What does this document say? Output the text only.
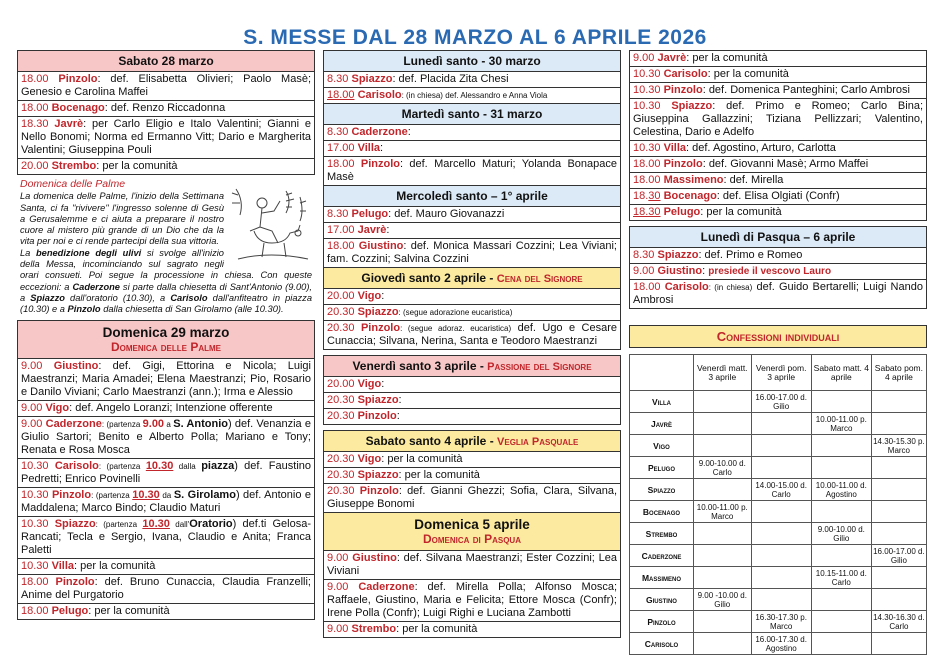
S. MESSE DAL 28 MARZO AL 6 APRILE 2026
Sabato 28 marzo
18.00 Pinzolo: def. Elisabetta Olivieri; Paolo Masè; Genesio e Carolina Maffei
18.00 Bocenago: def. Renzo Riccadonna
18.30 Javrè: per Carlo Eligio e Italo Valentini; Gianni e Nello Bonomi; Norma ed Ermanno Vitt; Dario e Margherita Valentini; Giuseppina Pouli
20.00 Strembo: per la comunità
Domenica delle Palme
La domenica delle Palme, l'inizio della Settimana Santa, ci fa "rivivere" l'ingresso solenne di Gesù a Gerusalemme e ci aiuta a preparare il nostro cuore al mistero più grande di un Dio che da la vita per noi e ci rende partecipi della sua vittoria.
La benedizione degli ulivi si svolge all'inizio della Messa, incominciando sul sagrato negli orari consueti. Poi segue la processione in chiesa. Con queste eccezioni: a Caderzone si parte dalla chiesetta di Sant'Antonio (9.00), a Spiazzo dall'oratorio (10.30), a Carisolo dall'anfiteatro in piazza (10.30) e a Pinzolo dalla chiesetta di San Girolamo (alle 10.30).
Domenica 29 marzo
Domenica delle Palme
9.00 Giustino: def. Gigi, Ettorina e Nicola; Luigi Maestranzi; Maria Amadei; Elena Maestranzi; Pio, Rosario e Danilo Viviani; Carlo Maestranzi (ann.); Irma e Alessio
9.00 Vigo: def. Angelo Loranzi; Intenzione offerente
9.00 Caderzone: (partenza 9.00 a S. Antonio) def. Venanzia e Giulio Sartori; Benito e Alberto Polla; Mariano e Tony; Renata e Rosa Mosca
10.30 Carisolo: (partenza 10.30 dalla piazza) def. Faustino Pedretti; Enrico Povinelli
10.30 Pinzolo: (partenza 10.30 da S. Girolamo) def. Antonio e Maddalena; Marco Bindo; Claudio Maturi
10.30 Spiazzo: (partenza 10.30 dall'Oratorio) def.ti Gelosa-Rancati; Tecla e Sergio, Ivana, Claudio e Anita; Franca Paletti
10.30 Villa: per la comunità
18.00 Pinzolo: def. Bruno Cunaccia, Claudia Franzelli; Anime del Purgatorio
18.00 Pelugo: per la comunità
Lunedì santo - 30 marzo
8.30 Spiazzo: def. Placida Zita Chesi
18.00 Carisolo: (in chiesa) def. Alessandro e Anna Viola
Martedì santo - 31 marzo
8.30 Caderzone:
17.00 Villa:
18.00 Pinzolo: def. Marcello Maturi; Yolanda Bonapace Masè
Mercoledì santo – 1° aprile
8.30 Pelugo: def. Mauro Giovanazzi
17.00 Javrè:
18.00 Giustino: def. Monica Massari Cozzini; Lea Viviani; fam. Cozzini; Salvina Cozzini
Giovedì santo 2 aprile - Cena del Signore
20.00 Vigo:
20.30 Spiazzo: (segue adorazione eucaristica)
20.30 Pinzolo: (segue adoraz. eucaristica) def. Ugo e Cesare Cunaccia; Silvana, Nerina, Santa e Teodoro Maestranzi
Venerdì santo 3 aprile - Passione del Signore
20.00 Vigo:
20.30 Spiazzo:
20.30 Pinzolo:
Sabato santo 4 aprile - Veglia Pasquale
20.30 Vigo: per la comunità
20.30 Spiazzo: per la comunità
20.30 Pinzolo: def. Gianni Ghezzi; Sofia, Clara, Silvana, Giuseppe Bonomi
Domenica 5 aprile
Domenica di Pasqua
9.00 Giustino: def. Silvana Maestranzi; Ester Cozzini; Lea Viviani
9.00 Caderzone: def. Mirella Polla; Alfonso Mosca; Raffaele, Giustino, Maria e Felicita; Ettore Mosca (Confr); Irene Polla (Confr); Luigi Righi e Luciana Zambotti
9.00 Strembo: per la comunità
9.00 Javrè: per la comunità
10.30 Carisolo: per la comunità
10.30 Pinzolo: def. Domenica Panteghini; Carlo Ambrosi
10.30 Spiazzo: def. Primo e Romeo; Carlo Bina; Giuseppina Gallazzini; Tiziana Pellizzari; Valentino, Celestina, Dario e Adelfo
10.30 Villa: def. Agostino, Arturo, Carlotta
18.00 Pinzolo: def. Giovanni Masè; Armo Maffei
18.00 Massimeno: def. Mirella
18.30 Bocenago: def. Elisa Olgiati (Confr)
18.30 Pelugo: per la comunità
Lunedì di Pasqua – 6 aprile
8.30 Spiazzo: def. Primo e Romeo
9.00 Giustino: presiede il vescovo Lauro
18.00 Carisolo: (in chiesa) def. Guido Bertarelli; Luigi Nando Ambrosi
Confessioni individuali
	Venerdì matt. 3 aprile	Venerdì pom. 3 aprile	Sabato matt. 4 aprile	Sabato pom. 4 aprile
Villa		16.00-17.00 d. Gilio		

Javrè			10.00-11.00 p. Marco	

Vigo				14.30-15.30 p. Marco

Pelugo	9.00-10.00 d. Carlo			

Spiazzo		14.00-15.00 d. Carlo	10.00-11.00 d. Agostino	

Bocenago	10.00-11.00 p. Marco			

Strembo			9.00-10.00 d. Gilio	

Caderzone				16.00-17.00 d. Gilio

Massimeno			10.15-11.00 d. Carlo	

Giustino	9.00 -10.00 d. Gilio			

Pinzolo		16.30-17.30 p. Marco		14.30-16.30 d. Carlo

Carisolo		16.00-17.30 d. Agostino		
